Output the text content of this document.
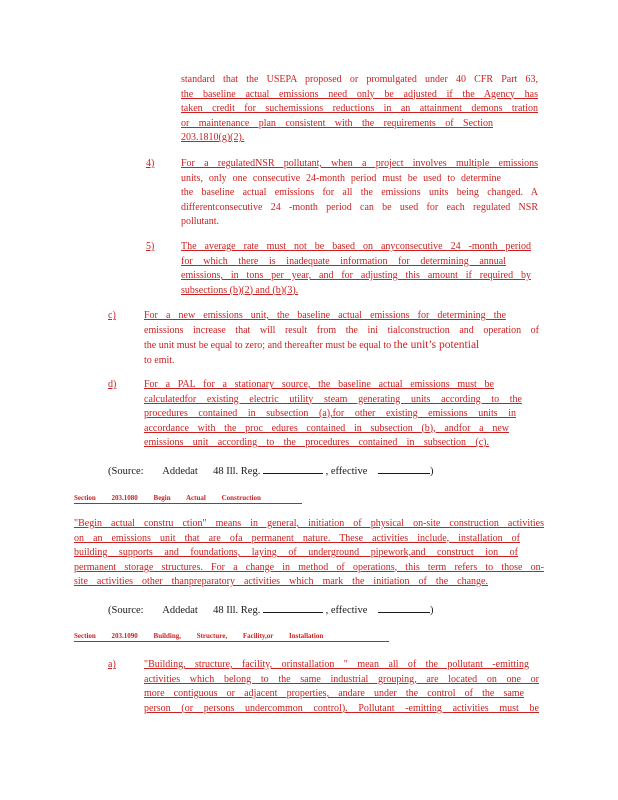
standard that the USEPA proposed or promulgated under 40 CFR Part 63,
the baseline actual emissions need only be adjusted if the Agency has
taken credit for suchemissions reductions in an attainment demons tration
or maintenance plan consistent with the requirements of Section
203.1810(g)(2).
4)	For a regulatedNSR pollutant, when a project involves multiple emissions
units, only one consecutive 24-month period must be used to determine
the baseline actual emissions for all the emissions units being changed. A
differentconsecutive 24 -month period can be used for each regulated NSR
pollutant.
5)	The average rate must not be based on anyconsecutive 24 -month period
for which there is inadequate information for determining annual
emissions, in tons per year, and for adjusting this amount if required by
subsections (b)(2) and (b)(3).
c)	For a new emissions unit, the baseline actual emissions for determining the
emissions increase that will result from the ini tialconstruction and operation of
the unit must be equal to zero; and thereafter must be equal to the unit’s potential
to emit.
d)	For a PAL for a stationary source, the baseline actual emissions must be
calculatedfor existing electric utility steam generating units according to the
procedures contained in subsection (a),for other existing emissions units in
accordance with the proc edures contained in subsection (b), andfor a new
emissions unit according to the procedures contained in subsection (c).
(Source: Addedat 48 Ill. Reg.	, effective	)
Section 203.1080 Begin Actual Construction
"Begin actual constru ction" means in general, initiation of physical on-site construction activities
on an emissions unit that are ofa permanent nature. These activities include, installation of
building supports and foundations, laying of underground pipework,and construct ion of
permanent storage structures. For a change in method of operations, this term refers to those on-
site activities other thanpreparatory activities which mark the initiation of the change.
(Source: Addedat 48 Ill. Reg.	, effective	)
Section 203.1090 Building, Structure, Facility,or Installation
a)	"Building, structure, facility, orinstallation " mean all of the pollutant -emitting
activities which belong to the same industrial grouping, are located on one or
more contiguous or adjacent properties, andare under the control of the same
person (or persons undercommon control). Pollutant -emitting activities must be
